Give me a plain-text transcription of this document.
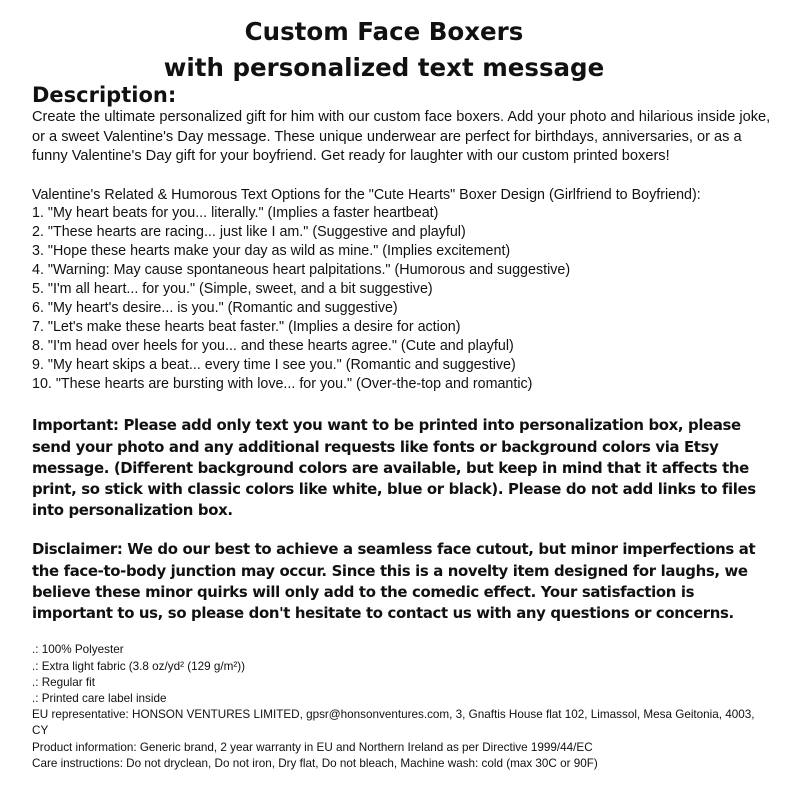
Custom Face Boxers
with personalized text message
Description:

Create the ultimate personalized gift for him with our custom face boxers. Add your photo and hilarious inside joke, or a sweet Valentine's Day message. These unique underwear are perfect for birthdays, anniversaries, or as a funny Valentine's Day gift for your boyfriend. Get ready for laughter with our custom printed boxers!

Valentine's Related & Humorous Text Options for the "Cute Hearts" Boxer Design (Girlfriend to Boyfriend):

1. "My heart beats for you... literally." (Implies a faster heartbeat)
2. "These hearts are racing... just like I am." (Suggestive and playful)
3. "Hope these hearts make your day as wild as mine." (Implies excitement)
4. "Warning: May cause spontaneous heart palpitations." (Humorous and suggestive)
5. "I'm all heart... for you." (Simple, sweet, and a bit suggestive)
6. "My heart's desire... is you." (Romantic and suggestive)
7. "Let's make these hearts beat faster." (Implies a desire for action)
8. "I'm head over heels for you... and these hearts agree." (Cute and playful)
9. "My heart skips a beat... every time I see you." (Romantic and suggestive)
10. "These hearts are bursting with love... for you." (Over-the-top and romantic)

Important: Please add only text you want to be printed into personalization box, please send your photo and any additional requests like fonts or background colors via Etsy message. (Different background colors are available, but keep in mind that it affects the print, so stick with classic colors like white, blue or black). Please do not add links to files into personalization box.

Disclaimer: We do our best to achieve a seamless face cutout, but minor imperfections at the face-to-body junction may occur. Since this is a novelty item designed for laughs, we believe these minor quirks will only add to the comedic effect. Your satisfaction is important to us, so please don't hesitate to contact us with any questions or concerns.

.: 100% Polyester
.: Extra light fabric (3.8 oz/yd² (129 g/m²))
.: Regular fit
.: Printed care label inside

EU representative: HONSON VENTURES LIMITED, gpsr@honsonventures.com, 3, Gnaftis House flat 102, Limassol, Mesa Geitonia, 4003, CY

Product information: Generic brand, 2 year warranty in EU and Northern Ireland as per Directive 1999/44/EC

Care instructions: Do not dryclean, Do not iron, Dry flat, Do not bleach, Machine wash: cold (max 30C or 90F)
